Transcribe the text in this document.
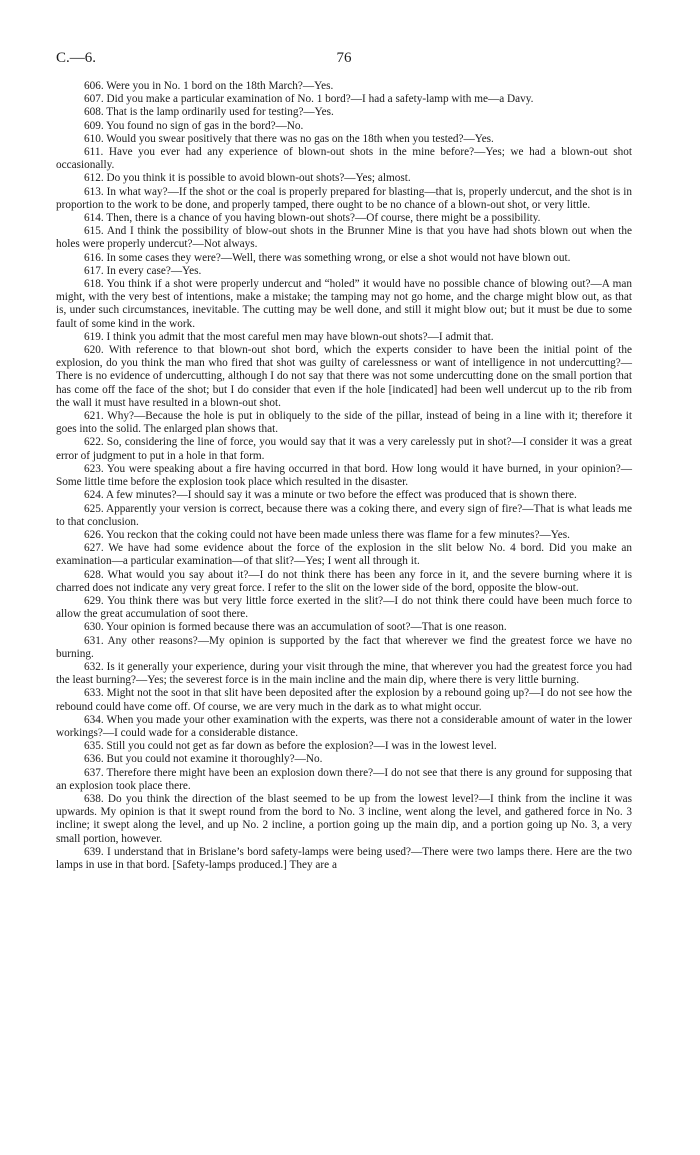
C.—6.	76

606. Were you in No. 1 bord on the 18th March?—Yes.

607. Did you make a particular examination of No. 1 bord?—I had a safety-lamp with me—a Davy.

608. That is the lamp ordinarily used for testing?—Yes.

609. You found no sign of gas in the bord?—No.

610. Would you swear positively that there was no gas on the 18th when you tested?—Yes.

611. Have you ever had any experience of blown-out shots in the mine before?—Yes; we had a blown-out shot occasionally.

612. Do you think it is possible to avoid blown-out shots?—Yes; almost.

613. In what way?—If the shot or the coal is properly prepared for blasting—that is, properly undercut, and the shot is in proportion to the work to be done, and properly tamped, there ought to be no chance of a blown-out shot, or very little.

614. Then, there is a chance of you having blown-out shots?—Of course, there might be a possibility.

615. And I think the possibility of blow-out shots in the Brunner Mine is that you have had shots blown out when the holes were properly undercut?—Not always.

616. In some cases they were?—Well, there was something wrong, or else a shot would not have blown out.

617. In every case?—Yes.

618. You think if a shot were properly undercut and “holed” it would have no possible chance of blowing out?—A man might, with the very best of intentions, make a mistake; the tamping may not go home, and the charge might blow out, as that is, under such circumstances, inevitable. The cutting may be well done, and still it might blow out; but it must be due to some fault of some kind in the work.

619. I think you admit that the most careful men may have blown-out shots?—I admit that.

620. With reference to that blown-out shot bord, which the experts consider to have been the initial point of the explosion, do you think the man who fired that shot was guilty of carelessness or want of intelligence in not undercutting?—There is no evidence of undercutting, although I do not say that there was not some undercutting done on the small portion that has come off the face of the shot; but I do consider that even if the hole [indicated] had been well undercut up to the rib from the wall it must have resulted in a blown-out shot.

621. Why?—Because the hole is put in obliquely to the side of the pillar, instead of being in a line with it; therefore it goes into the solid. The enlarged plan shows that.

622. So, considering the line of force, you would say that it was a very carelessly put in shot?—I consider it was a great error of judgment to put in a hole in that form.

623. You were speaking about a fire having occurred in that bord. How long would it have burned, in your opinion?—Some little time before the explosion took place which resulted in the disaster.

624. A few minutes?—I should say it was a minute or two before the effect was produced that is shown there.

625. Apparently your version is correct, because there was a coking there, and every sign of fire?—That is what leads me to that conclusion.

626. You reckon that the coking could not have been made unless there was flame for a few minutes?—Yes.

627. We have had some evidence about the force of the explosion in the slit below No. 4 bord. Did you make an examination—a particular examination—of that slit?—Yes; I went all through it.

628. What would you say about it?—I do not think there has been any force in it, and the severe burning where it is charred does not indicate any very great force. I refer to the slit on the lower side of the bord, opposite the blow-out.

629. You think there was but very little force exerted in the slit?—I do not think there could have been much force to allow the great accumulation of soot there.

630. Your opinion is formed because there was an accumulation of soot?—That is one reason.

631. Any other reasons?—My opinion is supported by the fact that wherever we find the greatest force we have no burning.

632. Is it generally your experience, during your visit through the mine, that wherever you had the greatest force you had the least burning?—Yes; the severest force is in the main incline and the main dip, where there is very little burning.

633. Might not the soot in that slit have been deposited after the explosion by a rebound going up?—I do not see how the rebound could have come off. Of course, we are very much in the dark as to what might occur.

634. When you made your other examination with the experts, was there not a considerable amount of water in the lower workings?—I could wade for a considerable distance.

635. Still you could not get as far down as before the explosion?—I was in the lowest level.

636. But you could not examine it thoroughly?—No.

637. Therefore there might have been an explosion down there?—I do not see that there is any ground for supposing that an explosion took place there.

638. Do you think the direction of the blast seemed to be up from the lowest level?—I think from the incline it was upwards. My opinion is that it swept round from the bord to No. 3 incline, went along the level, and gathered force in No. 3 incline; it swept along the level, and up No. 2 incline, a portion going up the main dip, and a portion going up No. 3, a very small portion, however.

639. I understand that in Brislane’s bord safety-lamps were being used?—There were two lamps there. Here are the two lamps in use in that bord. [Safety-lamps produced.] They are a
